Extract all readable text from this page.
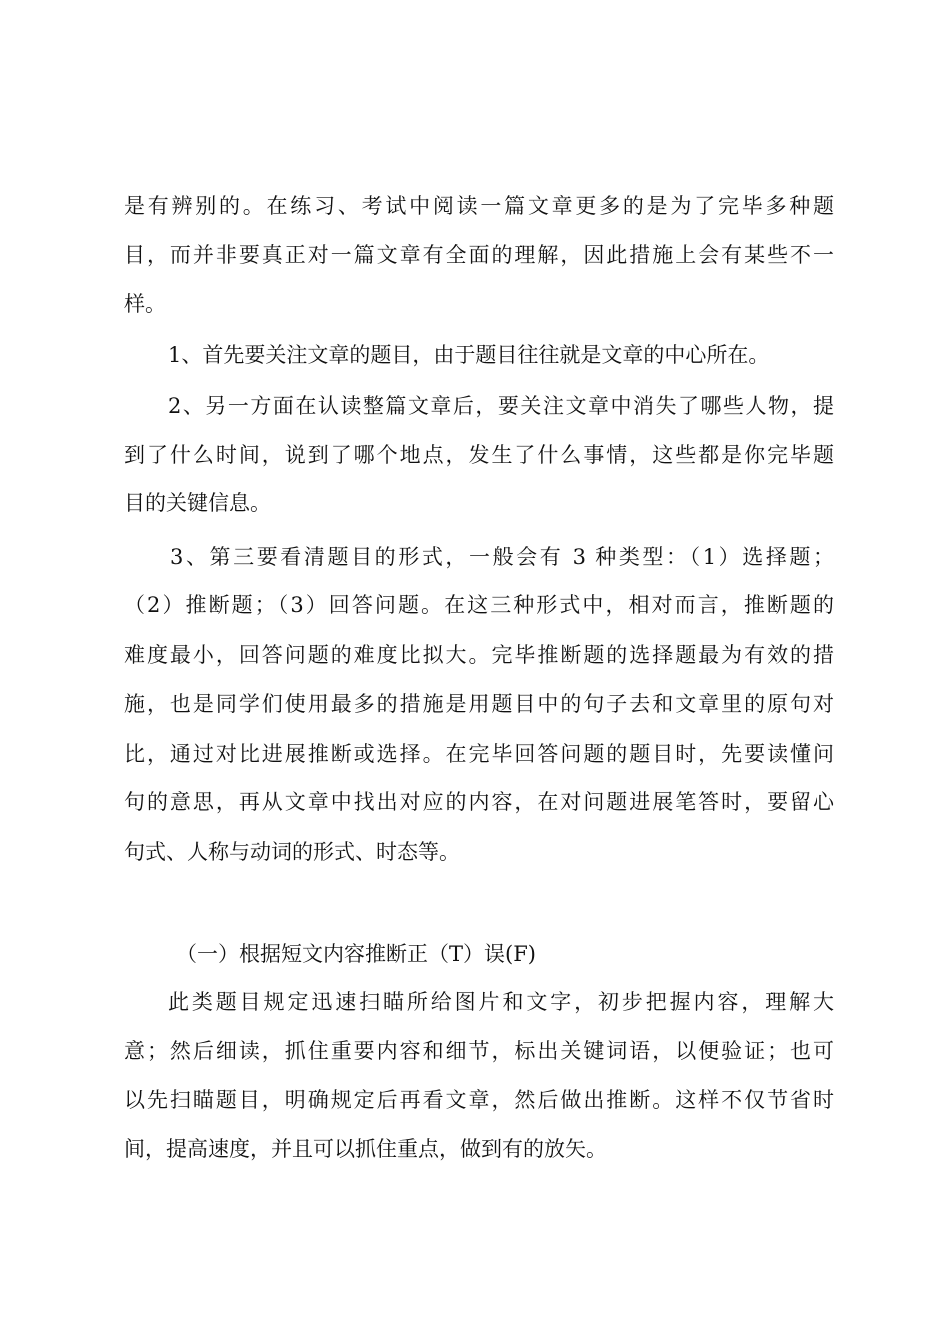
是有辨别的。在练习、考试中阅读一篇文章更多的是为了完毕多种题
目，而并非要真正对一篇文章有全面的理解，因此措施上会有某些不一
样。
1、首先要关注文章的题目，由于题目往往就是文章的中心所在。
2、另一方面在认读整篇文章后，要关注文章中消失了哪些人物，提
到了什么时间，说到了哪个地点，发生了什么事情，这些都是你完毕题
目的关键信息。
3、第三要看清题目的形式，一般会有 3 种类型：（1）选择题；
（2）推断题；（3）回答问题。在这三种形式中，相对而言，推断题的
难度最小，回答问题的难度比拟大。完毕推断题的选择题最为有效的措
施，也是同学们使用最多的措施是用题目中的句子去和文章里的原句对
比，通过对比进展推断或选择。在完毕回答问题的题目时，先要读懂问
句的意思，再从文章中找出对应的内容，在对问题进展笔答时，要留心
句式、人称与动词的形式、时态等。
（一）根据短文内容推断正（T）误(F)
此类题目规定迅速扫瞄所给图片和文字，初步把握内容，理解大
意；然后细读，抓住重要内容和细节，标出关键词语，以便验证；也可
以先扫瞄题目，明确规定后再看文章，然后做出推断。这样不仅节省时
间，提高速度，并且可以抓住重点，做到有的放矢。
